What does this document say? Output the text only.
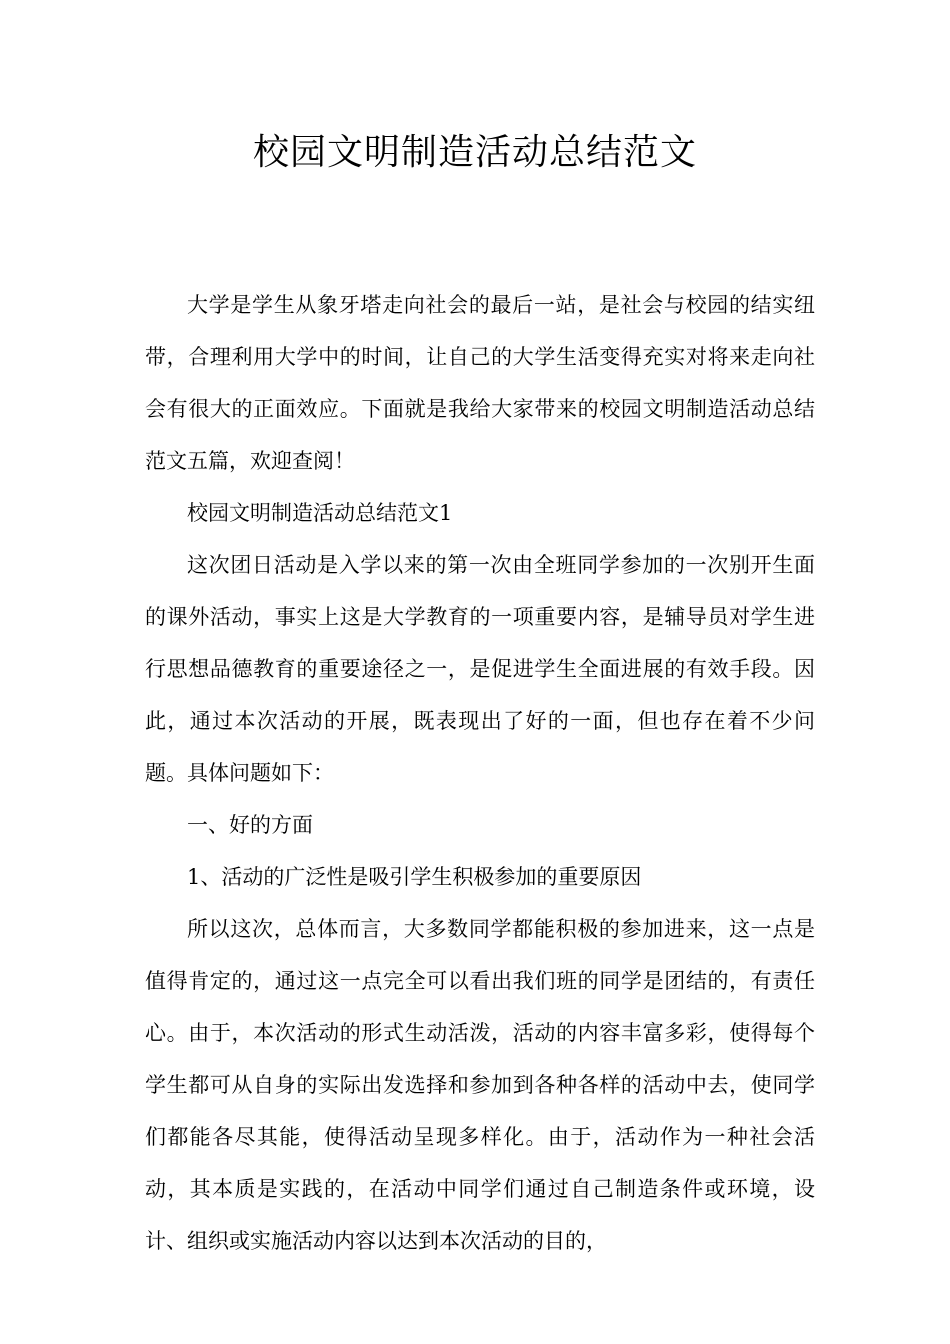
校园文明制造活动总结范文

大学是学生从象牙塔走向社会的最后一站，是社会与校园的结实纽带，合理利用大学中的时间，让自己的大学生活变得充实对将来走向社会有很大的正面效应。下面就是我给大家带来的校园文明制造活动总结范文五篇，欢迎查阅！

校园文明制造活动总结范文1

这次团日活动是入学以来的第一次由全班同学参加的一次别开生面的课外活动，事实上这是大学教育的一项重要内容，是辅导员对学生进行思想品德教育的重要途径之一，是促进学生全面进展的有效手段。因此，通过本次活动的开展，既表现出了好的一面，但也存在着不少问题。具体问题如下：

一、好的方面

1、活动的广泛性是吸引学生积极参加的重要原因

所以这次，总体而言，大多数同学都能积极的参加进来，这一点是值得肯定的，通过这一点完全可以看出我们班的同学是团结的，有责任心。由于，本次活动的形式生动活泼，活动的内容丰富多彩，使得每个学生都可从自身的实际出发选择和参加到各种各样的活动中去，使同学们都能各尽其能，使得活动呈现多样化。由于，活动作为一种社会活动，其本质是实践的，在活动中同学们通过自己制造条件或环境，设计、组织或实施活动内容以达到本次活动的目的，
